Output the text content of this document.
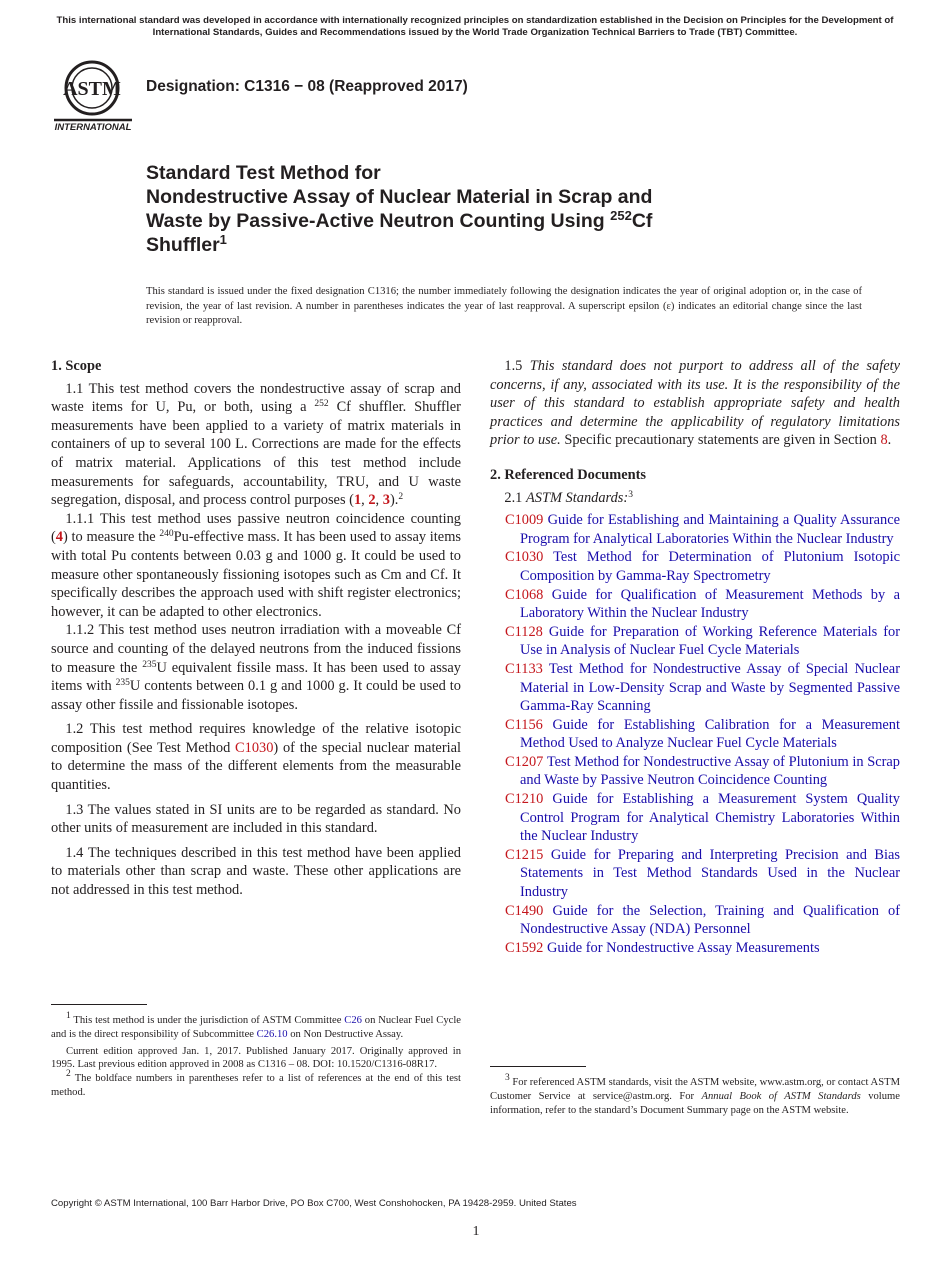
This international standard was developed in accordance with internationally recognized principles on standardization established in the Decision on Principles for the Development of International Standards, Guides and Recommendations issued by the World Trade Organization Technical Barriers to Trade (TBT) Committee.
ASTM
INTERNATIONAL
Designation: C1316 − 08 (Reapproved 2017)
Standard Test Method for
Nondestructive Assay of Nuclear Material in Scrap and
Waste by Passive-Active Neutron Counting Using $^{252}$Cf
Shuffler$^1$
This standard is issued under the fixed designation C1316; the number immediately following the designation indicates the year of original adoption or, in the case of revision, the year of last revision. A number in parentheses indicates the year of last reapproval. A superscript epsilon (ε) indicates an editorial change since the last revision or reapproval.
1. Scope

 1.1 This test method covers the nondestructive assay of scrap and waste items for U, Pu, or both, using a $^{252}$ Cf shuffler. Shuffler measurements have been applied to a variety of matrix materials in containers of up to several 100 L. Corrections are made for the effects of matrix material. Applications of this test method include measurements for safeguards, accountability, TRU, and U waste segregation, disposal, and process control purposes (1, 2, 3).$^2$

 1.1.1 This test method uses passive neutron coincidence counting (4) to measure the $^{240}$Pu-effective mass. It has been used to assay items with total Pu contents between 0.03 g and 1000 g. It could be used to measure other spontaneously fissioning isotopes such as Cm and Cf. It specifically describes the approach used with shift register electronics; however, it can be adapted to other electronics.

 1.1.2 This test method uses neutron irradiation with a moveable Cf source and counting of the delayed neutrons from the induced fissions to measure the $^{235}$U equivalent fissile mass. It has been used to assay items with $^{235}$U contents between 0.1 g and 1000 g. It could be used to assay other fissile and fissionable isotopes.

 1.2 This test method requires knowledge of the relative isotopic composition (See Test Method C1030) of the special nuclear material to determine the mass of the different elements from the measurable quantities.

 1.3 The values stated in SI units are to be regarded as standard. No other units of measurement are included in this standard.

 1.4 The techniques described in this test method have been applied to materials other than scrap and waste. These other applications are not addressed in this test method.

$^1$ This test method is under the jurisdiction of ASTM Committee C26 on Nuclear Fuel Cycle and is the direct responsibility of Subcommittee C26.10 on Non Destructive Assay.

Current edition approved Jan. 1, 2017. Published January 2017. Originally approved in 1995. Last previous edition approved in 2008 as C1316 – 08. DOI: 10.1520/C1316-08R17.

$^2$ The boldface numbers in parentheses refer to a list of references at the end of this test method.

 1.5 This standard does not purport to address all of the safety concerns, if any, associated with its use. It is the responsibility of the user of this standard to establish appropriate safety and health practices and determine the applicability of regulatory limitations prior to use. Specific precautionary statements are given in Section 8.

2. Referenced Documents

 2.1 ASTM Standards:$^3$

C1009 Guide for Establishing and Maintaining a Quality Assurance Program for Analytical Laboratories Within the Nuclear Industry

C1030 Test Method for Determination of Plutonium Isotopic Composition by Gamma-Ray Spectrometry

C1068 Guide for Qualification of Measurement Methods by a Laboratory Within the Nuclear Industry

C1128 Guide for Preparation of Working Reference Materials for Use in Analysis of Nuclear Fuel Cycle Materials

C1133 Test Method for Nondestructive Assay of Special Nuclear Material in Low-Density Scrap and Waste by Segmented Passive Gamma-Ray Scanning

C1156 Guide for Establishing Calibration for a Measurement Method Used to Analyze Nuclear Fuel Cycle Materials

C1207 Test Method for Nondestructive Assay of Plutonium in Scrap and Waste by Passive Neutron Coincidence Counting

C1210 Guide for Establishing a Measurement System Quality Control Program for Analytical Chemistry Laboratories Within the Nuclear Industry

C1215 Guide for Preparing and Interpreting Precision and Bias Statements in Test Method Standards Used in the Nuclear Industry

C1490 Guide for the Selection, Training and Qualification of Nondestructive Assay (NDA) Personnel

C1592 Guide for Nondestructive Assay Measurements

$^3$ For referenced ASTM standards, visit the ASTM website, www.astm.org, or contact ASTM Customer Service at service@astm.org. For Annual Book of ASTM Standards volume information, refer to the standard’s Document Summary page on the ASTM website.

Copyright © ASTM International, 100 Barr Harbor Drive, PO Box C700, West Conshohocken, PA 19428-2959. United States
1
